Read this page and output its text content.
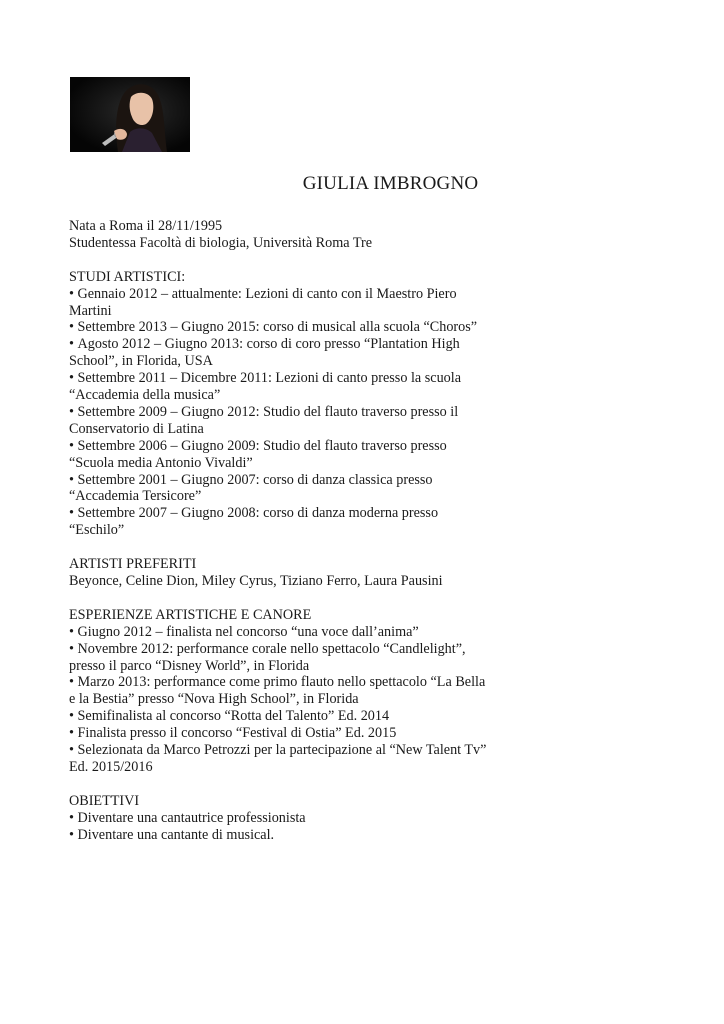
GIULIA IMBROGNO

Nata a Roma il 28/11/1995

Studentessa Facoltà di biologia, Università Roma Tre

STUDI ARTISTICI:

• Gennaio 2012 – attualmente: Lezioni di canto con il Maestro Piero Martini
• Settembre 2013 – Giugno 2015: corso di musical alla scuola “Choros”
• Agosto 2012 – Giugno 2013: corso di coro presso “Plantation High School”, in Florida, USA
• Settembre 2011 – Dicembre 2011: Lezioni di canto presso la scuola “Accademia della musica”
• Settembre 2009 – Giugno 2012: Studio del flauto traverso presso il Conservatorio di Latina
• Settembre 2006 – Giugno 2009: Studio del flauto traverso presso “Scuola media Antonio Vivaldi”
• Settembre 2001 – Giugno 2007: corso di danza classica presso “Accademia Tersicore”
• Settembre 2007 – Giugno 2008: corso di danza moderna presso “Eschilo”

ARTISTI PREFERITI

Beyonce, Celine Dion, Miley Cyrus, Tiziano Ferro, Laura Pausini

ESPERIENZE ARTISTICHE E CANORE

• Giugno 2012 – finalista nel concorso “una voce dall’anima”
• Novembre 2012: performance corale nello spettacolo “Candlelight”, presso il parco “Disney World”, in Florida
• Marzo 2013: performance come primo flauto nello spettacolo “La Bella e la Bestia” presso “Nova High School”, in Florida
• Semifinalista al concorso “Rotta del Talento” Ed. 2014
• Finalista presso il concorso “Festival di Ostia” Ed. 2015
• Selezionata da Marco Petrozzi per la partecipazione al “New Talent Tv” Ed. 2015/2016

OBIETTIVI

• Diventare una cantautrice professionista
• Diventare una cantante di musical.
